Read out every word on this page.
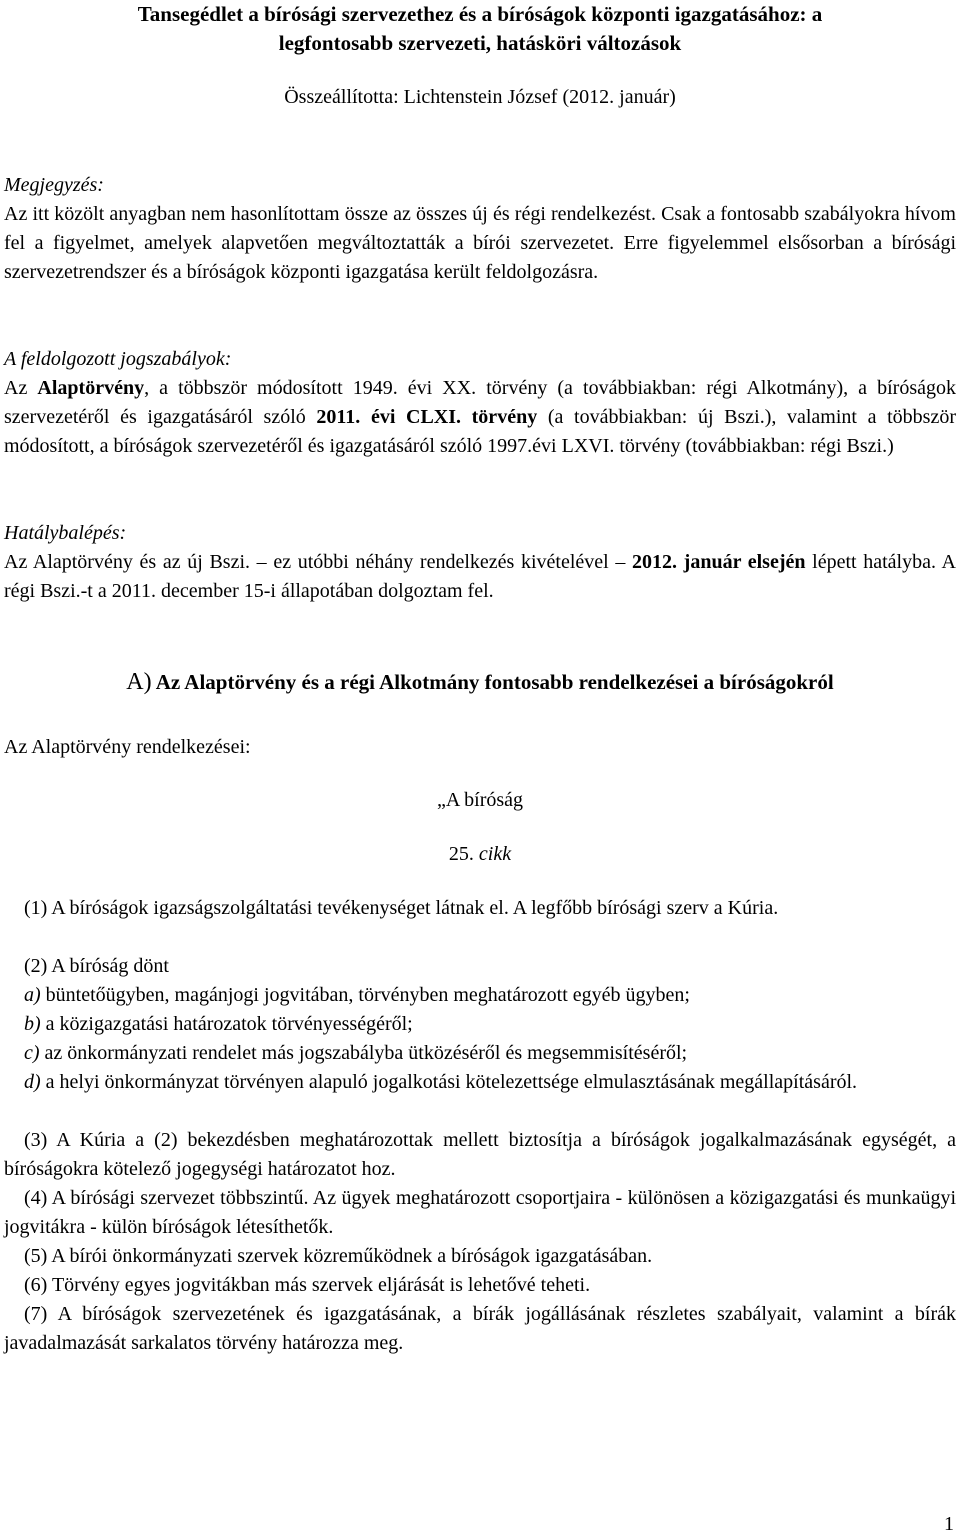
Tansegédlet a bírósági szervezethez és a bíróságok központi igazgatásához: a
legfontosabb szervezeti, hatásköri változások

Összeállította: Lichtenstein József (2012. január)

Megjegyzés:

Az itt közölt anyagban nem hasonlítottam össze az összes új és régi rendelkezést. Csak a fontosabb szabályokra hívom fel a figyelmet, amelyek alapvetően megváltoztatták a bírói szervezetet. Erre figyelemmel elsősorban a bírósági szervezetrendszer és a bíróságok központi igazgatása került feldolgozásra.

A feldolgozott jogszabályok:

Az Alaptörvény, a többször módosított 1949. évi XX. törvény (a továbbiakban: régi Alkotmány), a bíróságok szervezetéről és igazgatásáról szóló 2011. évi CLXI. törvény (a továbbiakban: új Bszi.), valamint a többször módosított, a bíróságok szervezetéről és igazgatásáról szóló 1997.évi LXVI. törvény (továbbiakban: régi Bszi.)

Hatálybalépés:

Az Alaptörvény és az új Bszi. – ez utóbbi néhány rendelkezés kivételével – 2012. január elsején lépett hatályba. A régi Bszi.-t a 2011. december 15-i állapotában dolgoztam fel.

A) Az Alaptörvény és a régi Alkotmány fontosabb rendelkezései a bíróságokról

Az Alaptörvény rendelkezései:

„A bíróság

25. cikk

(1) A bíróságok igazságszolgáltatási tevékenységet látnak el. A legfőbb bírósági szerv a Kúria.

(2) A bíróság dönt

a) büntetőügyben, magánjogi jogvitában, törvényben meghatározott egyéb ügyben;

b) a közigazgatási határozatok törvényességéről;

c) az önkormányzati rendelet más jogszabályba ütközéséről és megsemmisítéséről;

d) a helyi önkormányzat törvényen alapuló jogalkotási kötelezettsége elmulasztásának megállapításáról.

(3) A Kúria a (2) bekezdésben meghatározottak mellett biztosítja a bíróságok jogalkalmazásának egységét, a bíróságokra kötelező jogegységi határozatot hoz.

(4) A bírósági szervezet többszintű. Az ügyek meghatározott csoportjaira - különösen a közigazgatási és munkaügyi jogvitákra - külön bíróságok létesíthetők.

(5) A bírói önkormányzati szervek közreműködnek a bíróságok igazgatásában.

(6) Törvény egyes jogvitákban más szervek eljárását is lehetővé teheti.

(7) A bíróságok szervezetének és igazgatásának, a bírák jogállásának részletes szabályait, valamint a bírák javadalmazását sarkalatos törvény határozza meg.

1
